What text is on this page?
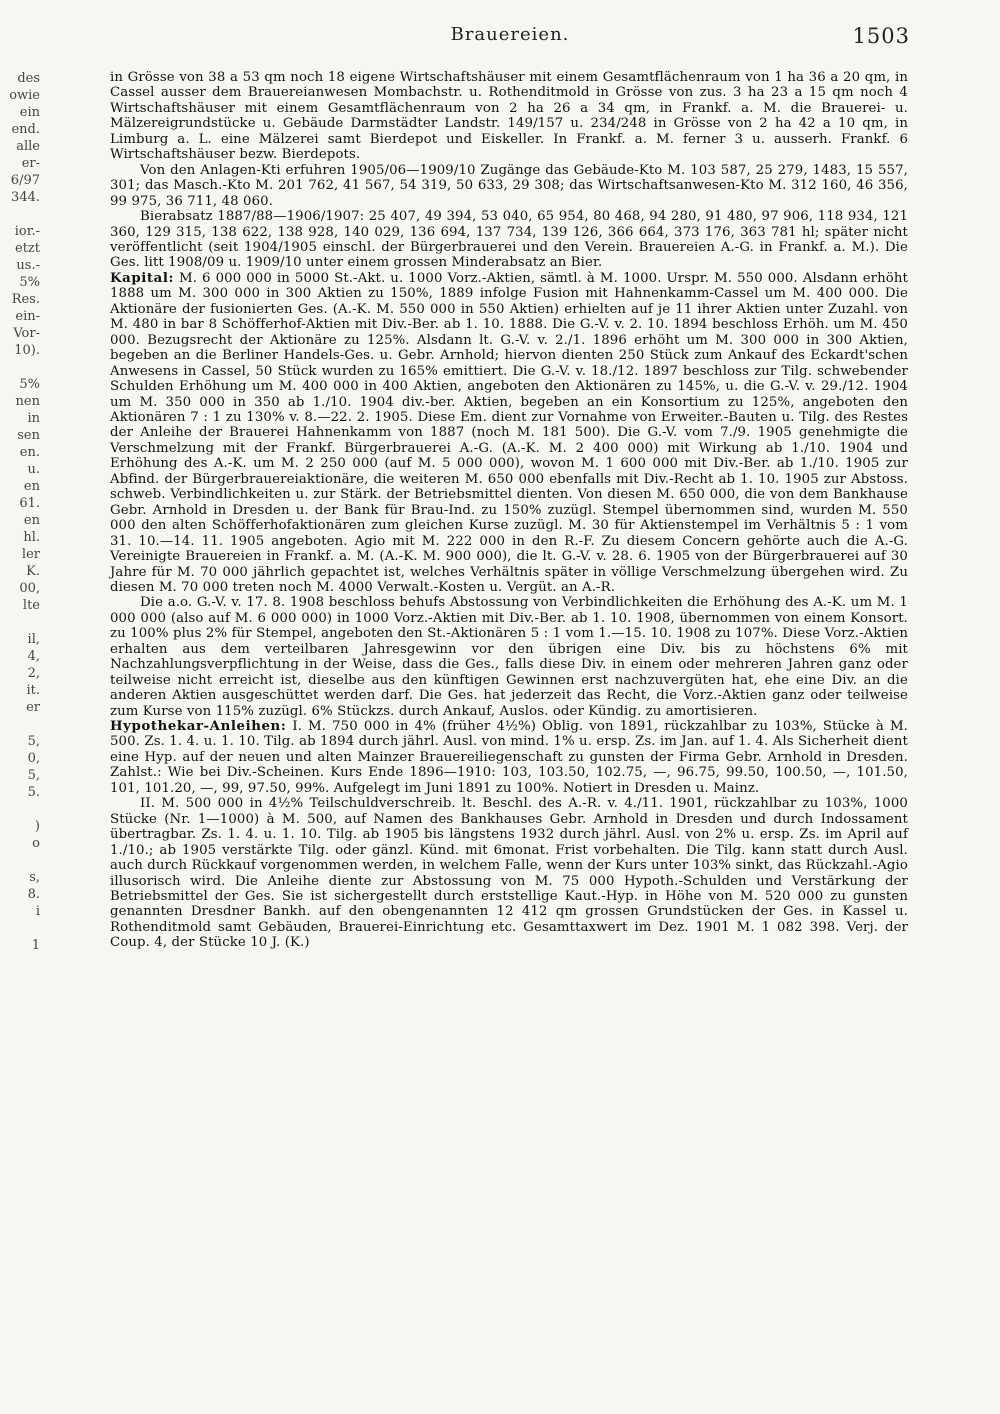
Brauereien.	1503
des
owie
ein
end.
alle
er-
6/97
344.
ior.-
etzt
us.-
5%
Res.
ein-
Vor-
10).
5%
nen
in
sen
en.
u.
en
61.
en
hl.
ler
K.
00,
lte
il,
4,
2,
it.
er
5,
0,
5,
5.
)
o
s,
8.
i
1

in Grösse von 38 a 53 qm noch 18 eigene Wirtschaftshäuser mit einem Gesamtflächenraum von 1 ha 36 a 20 qm, in Cassel ausser dem Brauereianwesen Mombachstr. u. Rothenditmold in Grösse von zus. 3 ha 23 a 15 qm noch 4 Wirtschaftshäuser mit einem Gesamtflächenraum von 2 ha 26 a 34 qm, in Frankf. a. M. die Brauerei- u. Mälzereigrundstücke u. Gebäude Darmstädter Landstr. 149/157 u. 234/248 in Grösse von 2 ha 42 a 10 qm, in Limburg a. L. eine Mälzerei samt Bierdepot und Eiskeller. In Frankf. a. M. ferner 3 u. ausserh. Frankf. 6 Wirtschaftshäuser bezw. Bierdepots.

Von den Anlagen-Kti erfuhren 1905/06—1909/10 Zugänge das Gebäude-Kto M. 103 587, 25 279, 1483, 15 557, 301; das Masch.-Kto M. 201 762, 41 567, 54 319, 50 633, 29 308; das Wirtschaftsanwesen-Kto M. 312 160, 46 356, 99 975, 36 711, 48 060.

Bierabsatz 1887/88—1906/1907: 25 407, 49 394, 53 040, 65 954, 80 468, 94 280, 91 480, 97 906, 118 934, 121 360, 129 315, 138 622, 138 928, 140 029, 136 694, 137 734, 139 126, 366 664, 373 176, 363 781 hl; später nicht veröffentlicht (seit 1904/1905 einschl. der Bürgerbrauerei und den Verein. Brauereien A.-G. in Frankf. a. M.). Die Ges. litt 1908/09 u. 1909/10 unter einem grossen Minderabsatz an Bier.

Kapital: M. 6 000 000 in 5000 St.-Akt. u. 1000 Vorz.-Aktien, sämtl. à M. 1000. Urspr. M. 550 000. Alsdann erhöht 1888 um M. 300 000 in 300 Aktien zu 150%, 1889 infolge Fusion mit Hahnenkamm-Cassel um M. 400 000. Die Aktionäre der fusionierten Ges. (A.-K. M. 550 000 in 550 Aktien) erhielten auf je 11 ihrer Aktien unter Zuzahl. von M. 480 in bar 8 Schöfferhof-Aktien mit Div.-Ber. ab 1. 10. 1888. Die G.-V. v. 2. 10. 1894 beschloss Erhöh. um M. 450 000. Bezugsrecht der Aktionäre zu 125%. Alsdann lt. G.-V. v. 2./1. 1896 erhöht um M. 300 000 in 300 Aktien, begeben an die Berliner Handels-Ges. u. Gebr. Arnhold; hiervon dienten 250 Stück zum Ankauf des Eckardt'schen Anwesens in Cassel, 50 Stück wurden zu 165% emittiert. Die G.-V. v. 18./12. 1897 beschloss zur Tilg. schwebender Schulden Erhöhung um M. 400 000 in 400 Aktien, angeboten den Aktionären zu 145%, u. die G.-V. v. 29./12. 1904 um M. 350 000 in 350 ab 1./10. 1904 div.-ber. Aktien, begeben an ein Konsortium zu 125%, angeboten den Aktionären 7 : 1 zu 130% v. 8.—22. 2. 1905. Diese Em. dient zur Vornahme von Erweiter.-Bauten u. Tilg. des Restes der Anleihe der Brauerei Hahnenkamm von 1887 (noch M. 181 500). Die G.-V. vom 7./9. 1905 genehmigte die Verschmelzung mit der Frankf. Bürgerbrauerei A.-G. (A.-K. M. 2 400 000) mit Wirkung ab 1./10. 1904 und Erhöhung des A.-K. um M. 2 250 000 (auf M. 5 000 000), wovon M. 1 600 000 mit Div.-Ber. ab 1./10. 1905 zur Abfind. der Bürgerbrauereiaktionäre, die weiteren M. 650 000 ebenfalls mit Div.-Recht ab 1. 10. 1905 zur Abstoss. schweb. Verbindlichkeiten u. zur Stärk. der Betriebsmittel dienten. Von diesen M. 650 000, die von dem Bankhause Gebr. Arnhold in Dresden u. der Bank für Brau-Ind. zu 150% zuzügl. Stempel übernommen sind, wurden M. 550 000 den alten Schöfferhofaktionären zum gleichen Kurse zuzügl. M. 30 für Aktienstempel im Verhältnis 5 : 1 vom 31. 10.—14. 11. 1905 angeboten. Agio mit M. 222 000 in den R.-F. Zu diesem Concern gehörte auch die A.-G. Vereinigte Brauereien in Frankf. a. M. (A.-K. M. 900 000), die lt. G.-V. v. 28. 6. 1905 von der Bürgerbrauerei auf 30 Jahre für M. 70 000 jährlich gepachtet ist, welches Verhältnis später in völlige Verschmelzung übergehen wird. Zu diesen M. 70 000 treten noch M. 4000 Verwalt.-Kosten u. Vergüt. an A.-R.

Die a.o. G.-V. v. 17. 8. 1908 beschloss behufs Abstossung von Verbindlichkeiten die Erhöhung des A.-K. um M. 1 000 000 (also auf M. 6 000 000) in 1000 Vorz.-Aktien mit Div.-Ber. ab 1. 10. 1908, übernommen von einem Konsort. zu 100% plus 2% für Stempel, angeboten den St.-Aktionären 5 : 1 vom 1.—15. 10. 1908 zu 107%. Diese Vorz.-Aktien erhalten aus dem verteilbaren Jahresgewinn vor den übrigen eine Div. bis zu höchstens 6% mit Nachzahlungsverpflichtung in der Weise, dass die Ges., falls diese Div. in einem oder mehreren Jahren ganz oder teilweise nicht erreicht ist, dieselbe aus den künftigen Gewinnen erst nachzuvergüten hat, ehe eine Div. an die anderen Aktien ausgeschüttet werden darf. Die Ges. hat jederzeit das Recht, die Vorz.-Aktien ganz oder teilweise zum Kurse von 115% zuzügl. 6% Stückzs. durch Ankauf, Auslos. oder Kündig. zu amortisieren.

Hypothekar-Anleihen: I. M. 750 000 in 4% (früher 4½%) Oblig. von 1891, rückzahlbar zu 103%, Stücke à M. 500. Zs. 1. 4. u. 1. 10. Tilg. ab 1894 durch jährl. Ausl. von mind. 1% u. ersp. Zs. im Jan. auf 1. 4. Als Sicherheit dient eine Hyp. auf der neuen und alten Mainzer Brauereiliegenschaft zu gunsten der Firma Gebr. Arnhold in Dresden. Zahlst.: Wie bei Div.-Scheinen. Kurs Ende 1896—1910: 103, 103.50, 102.75, —, 96.75, 99.50, 100.50, —, 101.50, 101, 101.20, —, 99, 97.50, 99%. Aufgelegt im Juni 1891 zu 100%. Notiert in Dresden u. Mainz.

II. M. 500 000 in 4½% Teilschuldverschreib. lt. Beschl. des A.-R. v. 4./11. 1901, rückzahlbar zu 103%, 1000 Stücke (Nr. 1—1000) à M. 500, auf Namen des Bankhauses Gebr. Arnhold in Dresden und durch Indossament übertragbar. Zs. 1. 4. u. 1. 10. Tilg. ab 1905 bis längstens 1932 durch jährl. Ausl. von 2% u. ersp. Zs. im April auf 1./10.; ab 1905 verstärkte Tilg. oder gänzl. Künd. mit 6monat. Frist vorbehalten. Die Tilg. kann statt durch Ausl. auch durch Rückkauf vorgenommen werden, in welchem Falle, wenn der Kurs unter 103% sinkt, das Rückzahl.-Agio illusorisch wird. Die Anleihe diente zur Abstossung von M. 75 000 Hypoth.-Schulden und Verstärkung der Betriebsmittel der Ges. Sie ist sichergestellt durch erststellige Kaut.-Hyp. in Höhe von M. 520 000 zu gunsten genannten Dresdner Bankh. auf den obengenannten 12 412 qm grossen Grundstücken der Ges. in Kassel u. Rothenditmold samt Gebäuden, Brauerei-Einrichtung etc. Gesamttaxwert im Dez. 1901 M. 1 082 398. Verj. der Coup. 4, der Stücke 10 J. (K.)
